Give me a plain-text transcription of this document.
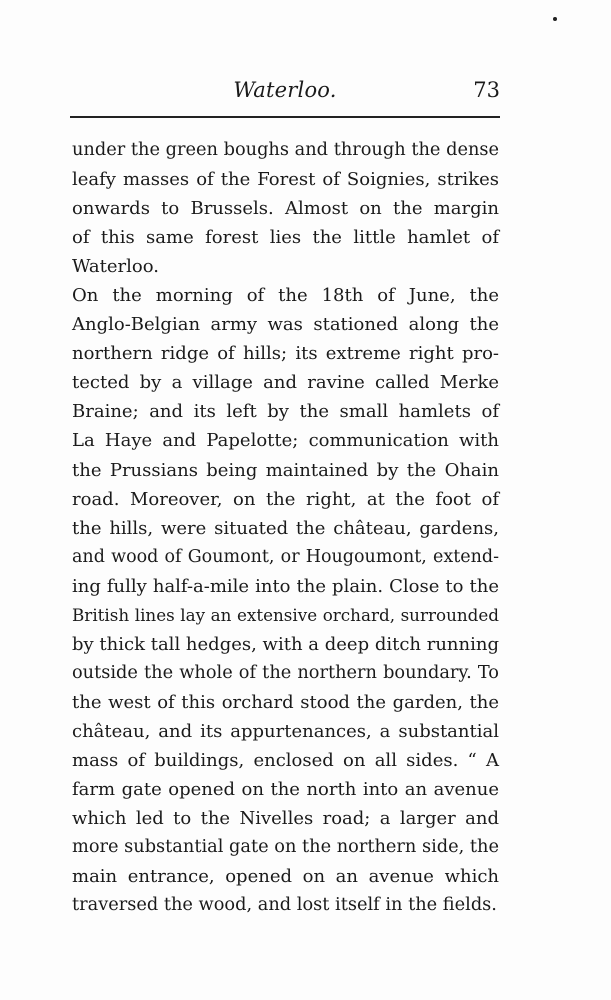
Waterloo.	73
under the green boughs and through the dense
leafy masses of the Forest of Soignies, strikes
onwards to Brussels. Almost on the margin
of this same forest lies the little hamlet of
Waterloo.
On the morning of the 18th of June, the
Anglo-Belgian army was stationed along the
northern ridge of hills; its extreme right pro-
tected by a village and ravine called Merke
Braine; and its left by the small hamlets of
La Haye and Papelotte; communication with
the Prussians being maintained by the Ohain
road. Moreover, on the right, at the foot of
the hills, were situated the château, gardens,
and wood of Goumont, or Hougoumont, extend-
ing fully half-a-mile into the plain. Close to the
British lines lay an extensive orchard, surrounded
by thick tall hedges, with a deep ditch running
outside the whole of the northern boundary. To
the west of this orchard stood the garden, the
château, and its appurtenances, a substantial
mass of buildings, enclosed on all sides. “ A
farm gate opened on the north into an avenue
which led to the Nivelles road; a larger and
more substantial gate on the northern side, the
main entrance, opened on an avenue which
traversed the wood, and lost itself in the fields.
